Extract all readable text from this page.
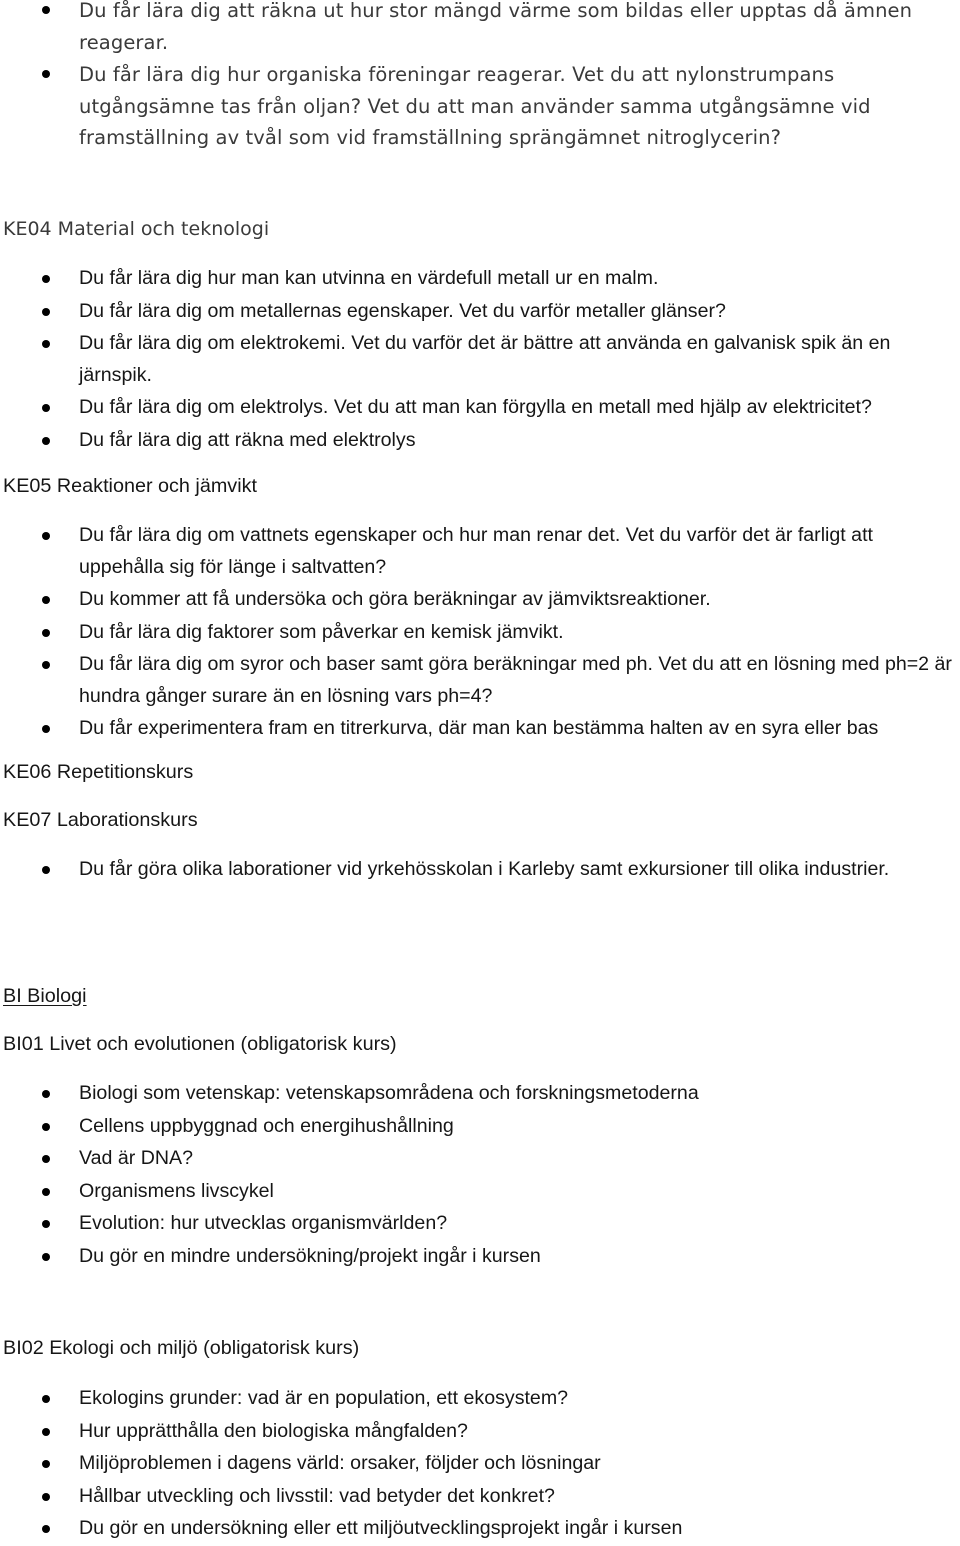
Du får lära dig att räkna ut hur stor mängd värme som bildas eller upptas då ämnen reagerar.
Du får lära dig hur organiska föreningar reagerar. Vet du att nylonstrumpans utgångsämne tas från oljan? Vet du att man använder samma utgångsämne vid framställning av tvål som vid framställning sprängämnet nitroglycerin?
KE04 Material och teknologi
Du får lära dig hur man kan utvinna en värdefull metall ur en malm.
Du får lära dig om metallernas egenskaper. Vet du varför metaller glänser?
Du får lära dig om elektrokemi. Vet du varför det är bättre att använda en galvanisk spik än en järnspik.
Du får lära dig om elektrolys. Vet du att man kan förgylla en metall med hjälp av elektricitet?
Du får lära dig att räkna med elektrolys
KE05 Reaktioner och jämvikt
Du får lära dig om vattnets egenskaper och hur man renar det. Vet du varför det är farligt att uppehålla sig för länge i saltvatten?
Du kommer att få undersöka och göra beräkningar av jämviktsreaktioner.
Du får lära dig faktorer som påverkar en kemisk jämvikt.
Du får lära dig om syror och baser samt göra beräkningar med ph. Vet du att en lösning med ph=2 är hundra gånger surare än en lösning vars ph=4?
Du får experimentera fram en titrerkurva, där man kan bestämma halten av en syra eller bas
KE06 Repetitionskurs
KE07 Laborationskurs
Du får göra olika laborationer vid yrkehösskolan i Karleby samt exkursioner till olika industrier.
BI Biologi
BI01 Livet och evolutionen (obligatorisk kurs)
Biologi som vetenskap: vetenskapsområdena och forskningsmetoderna
Cellens uppbyggnad och energihushållning
Vad är DNA?
Organismens livscykel
Evolution: hur utvecklas organismvärlden?
Du gör en mindre undersökning/projekt ingår i kursen
BI02 Ekologi och miljö (obligatorisk kurs)
Ekologins grunder: vad är en population, ett ekosystem?
Hur upprätthålla den biologiska mångfalden?
Miljöproblemen i dagens värld: orsaker, följder och lösningar
Hållbar utveckling och livsstil: vad betyder det konkret?
Du gör en undersökning eller ett miljöutvecklingsprojekt ingår i kursen
